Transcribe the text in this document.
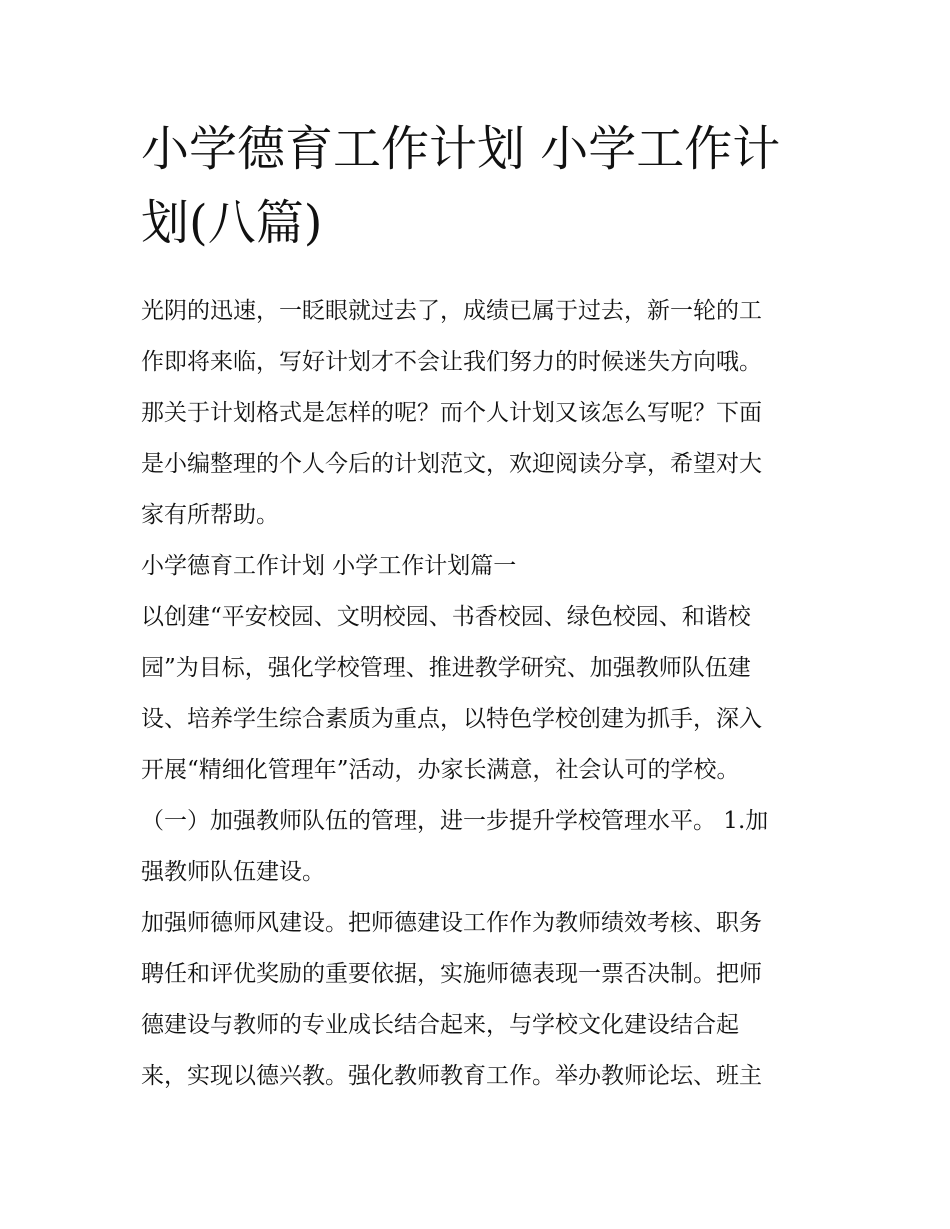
小学德育工作计划 小学工作计
划(八篇)

光阴的迅速，一眨眼就过去了，成绩已属于过去，新一轮的工

作即将来临，写好计划才不会让我们努力的时候迷失方向哦。

那关于计划格式是怎样的呢？而个人计划又该怎么写呢？下面

是小编整理的个人今后的计划范文，欢迎阅读分享，希望对大

家有所帮助。

小学德育工作计划 小学工作计划篇一

以创建“平安校园、文明校园、书香校园、绿色校园、和谐校

园”为目标，强化学校管理、推进教学研究、加强教师队伍建

设、培养学生综合素质为重点，以特色学校创建为抓手，深入

开展“精细化管理年”活动，办家长满意，社会认可的学校。

（一）加强教师队伍的管理，进一步提升学校管理水平。 1.加

强教师队伍建设。

加强师德师风建设。把师德建设工作作为教师绩效考核、职务

聘任和评优奖励的重要依据，实施师德表现一票否决制。把师

德建设与教师的专业成长结合起来，与学校文化建设结合起

来，实现以德兴教。强化教师教育工作。举办教师论坛、班主
